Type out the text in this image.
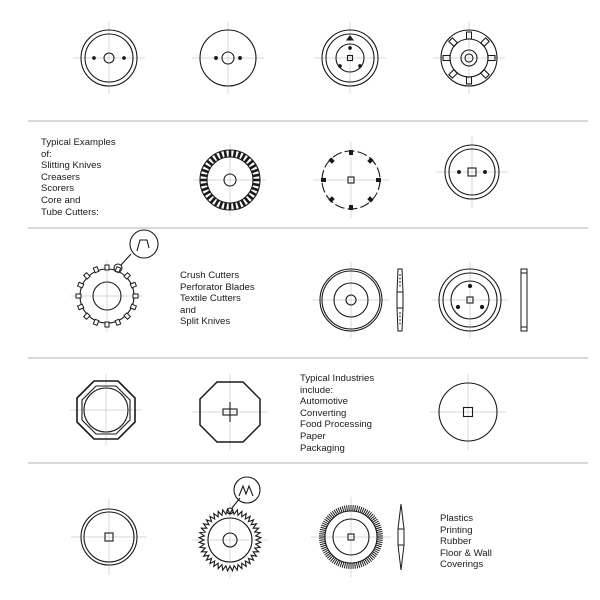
Typical Examples
of:
Slitting Knives
Creasers
Scorers
Core and
Tube Cutters:
Crush Cutters
Perforator Blades
Textile Cutters
and
Split Knives
Typical Industries
include:
Automotive
Converting
Food Processing
Paper
Packaging
Plastics
Printing
Rubber
Floor & Wall
Coverings
